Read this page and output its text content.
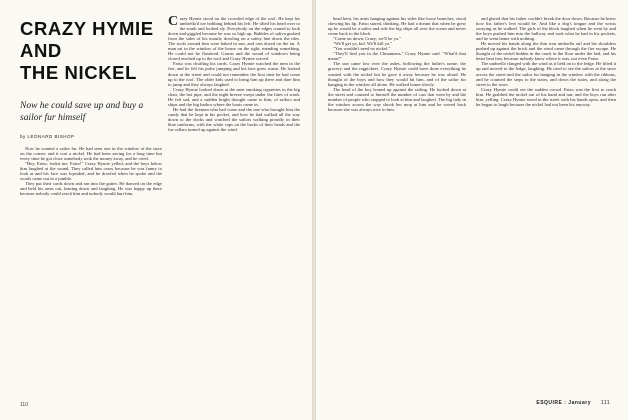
CRAZY HYMIE
AND
THE NICKEL
Now he could save up and buy a sailor fur himself
by LEONARD BISHOP

Now he wanted a sailor fur. He had seen one in the window of the store on the corner, and it cost a nickel. He had been saving for a long time but every time he got close somebody took the money away, and he cried.

"Hey, Fatso, lookit me, Fatso!" Crazy Hymie yelled, and the boys below him laughed at the sound. They called him crazy because he was funny to look at and his face was lopsided, and he drooled when he spoke and the words came out in a jumble.

They put their cards down and ran into the gutter. He danced on the edge and held his arms out, leaning down and laughing. He was happy up there because nobody could reach him and nobody would hurt him.

Crazy Hymie stood on the crowded edge of the roof. He kept his umbrella'd toe bobbing behind his left. He tilted his head over to the south and looked sly. Everybody on the edges craned to look down and giggled because he was so high up. Bubbles of saliva gushed from the sides of his mouth; drooling on a safety line down the tiles. The roofs around him were baked in sun, and cats dozed on the tar. A man sat in the window of the house on the right, mending something. He could not be flustered. Grunts and the sound of windows being closed reached up to the roof and Crazy Hymie waved.

Fatso was chuffing his cards. Crazy Hymie watched the men in the fire, and he felt his pulse jumping and his face grew warm. He looked down at the street and could not remember the first time he had come up to the roof. The older kids used to bring him up there and dare him to jump and they always laughed.

Crazy Hymie looked down at the men smoking cigarettes in the big chair, the hot pipe, and the night breeze swept under the lines of wash. He felt sad, and a sudden bright thought came to him, of sailors and ships and the big harbor where the boats came in.

He had the fireman who had come and the one who brought him the candy that he kept in his pocket, and how he had walked all the way down to the docks and watched the sailors walking proudly in their blue uniforms, with the white caps on the backs of their heads and the fur collars turned up against the wind.

110

head bent, his arms hanging against his sides like loose branches, stood chewing his lip. Fatso stared, thinking. He had a dream that when he grew up he would be a sailor and ride the big ships all over the ocean and never come back to the block.

"Come on down, Crazy, we'll be ya."

"We'll get ya, kid. We'll kill ya."

"You wouldn't need no nickel."

"They'll find you in the Chinamans," Crazy Hymie said. "What'd that mean?"

The sun came low over the ashes, hollowing the father's name, the grocery and the ragpickers. Crazy Hymie could have done everything he wanted with the nickel but he gave it away because he was afraid. He thought of the boys and how they would hit him, and of the sailor fur hanging in the window all alone. He walked home slowly.

The head of the boy leaned up against the railing. He looked down at the street and counted to himself the number of cars that went by and the number of people who stopped to look at him and laughed. The big lady in the window across the way shook her mop at him and he waved back because she was always nice to him.

and glared that his father couldn't break the door down. Because he knew how his father's feet would be. And like a dog's tongue and the wrists swaying as he walked. The girls of the block laughed when he went by and the boys pushed him into the hallway and took what he had in his pockets, and he went home with nothing.

He moved his hands along the thin iron umbrella rail and his shoulders pushed up against the brick and the wind came through the fire escape. He thought of the nickel hidden in the crack in the floor under the bed, and his heart beat fast, because nobody knew where it was, not even Fatso.

The umbrella clanged with the wind as it held on to the ledge. He lifted it up and moved to the ledge, laughing. He tried to see the sailors at the store across the street and the sailor fur hanging in the window with the ribbons, and he counted the steps to the stairs, and down the stairs, and along the street to the store.

Crazy Hymie could see the sudden crowd. Fatso was the first to reach him. He grabbed the nickel out of his hand and ran, and the boys ran after him, yelling. Crazy Hymie stood in the street with his hands open, and then he began to laugh because the nickel had not been his anyway.

ESQUIRE : January 111
